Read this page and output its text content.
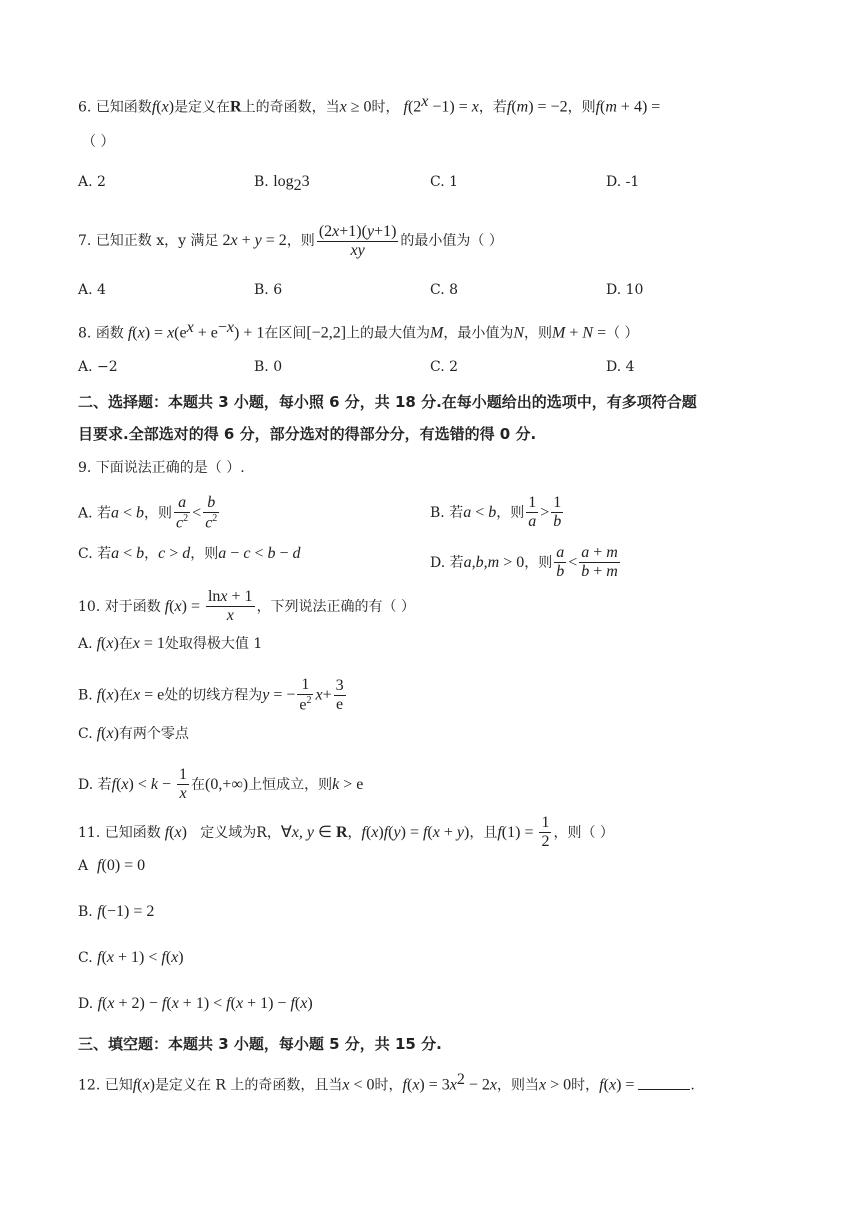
6. 已知函数f(x)是定义在R上的奇函数，当x ≥ 0时， $f(2^x -1) = x$，若f(m) = −2，则f(m + 4) =
（ ）
A. 2	B. $\log_23$	C. 1	D. -1
7. 已知正数 x，y 满足 2x + y = 2，则 $\frac{(2x+1)(y+1)}{xy}$ 的最小值为（ ）
A. 4	B. 6	C. 8	D. 10
8. 函数 $f(x) = x(e^x + e^{-x}) + 1$在区间[−2,2]上的最大值为M，最小值为N，则M + N =（ ）
A. −2	B. 0	C. 2	D. 4
二、选择题：本题共 3 小题，每小照 6 分，共 18 分.在每小题给出的选项中，有多项符合题
目要求.全部选对的得 6 分，部分选对的得部分分，有选错的得 0 分.
9. 下面说法正确的是（ ）.
A. 若a < b，则 $\frac{a}{c^2} < \frac{b}{c^2}$	B. 若a < b，则 $\frac{1}{a} > \frac{1}{b}$
C. 若a < b，c > d，则a − c < b − d
D. 若a,b,m > 0，则 $\frac{a}{b} < \frac{a + m}{b + m}$
10. 对于函数 $f(x) = \frac{\ln x + 1}{x}$ ，下列说法正确的有（ ）
A. f(x)在x = 1处取得极大值 1
B. f(x)在x = e处的切线方程为y = − $\frac{1}{e^2} x+ \frac{3}{e}$
C. f(x)有两个零点
D. 若$f(x) < k - \frac{1}{x}$ 在(0,+∞)上恒成立，则k > e
11. 已知函数 f(x) 定义域为R，∀x, y ∈ R，f(x)f(y) = f(x + y)，且$f(1) = \frac{1}{2}$ ，则（ ）
A f(0) = 0
B. f(−1) = 2
C. f(x + 1) < f(x)
D. f(x + 2) − f(x + 1) < f(x + 1) − f(x)
三、填空题：本题共 3 小题，每小题 5 分，共 15 分.
12. 已知f(x)是定义在 R 上的奇函数，且当x < 0时，$f(x) = 3x^2 - 2x$，则当x > 0时，f(x) =	.
